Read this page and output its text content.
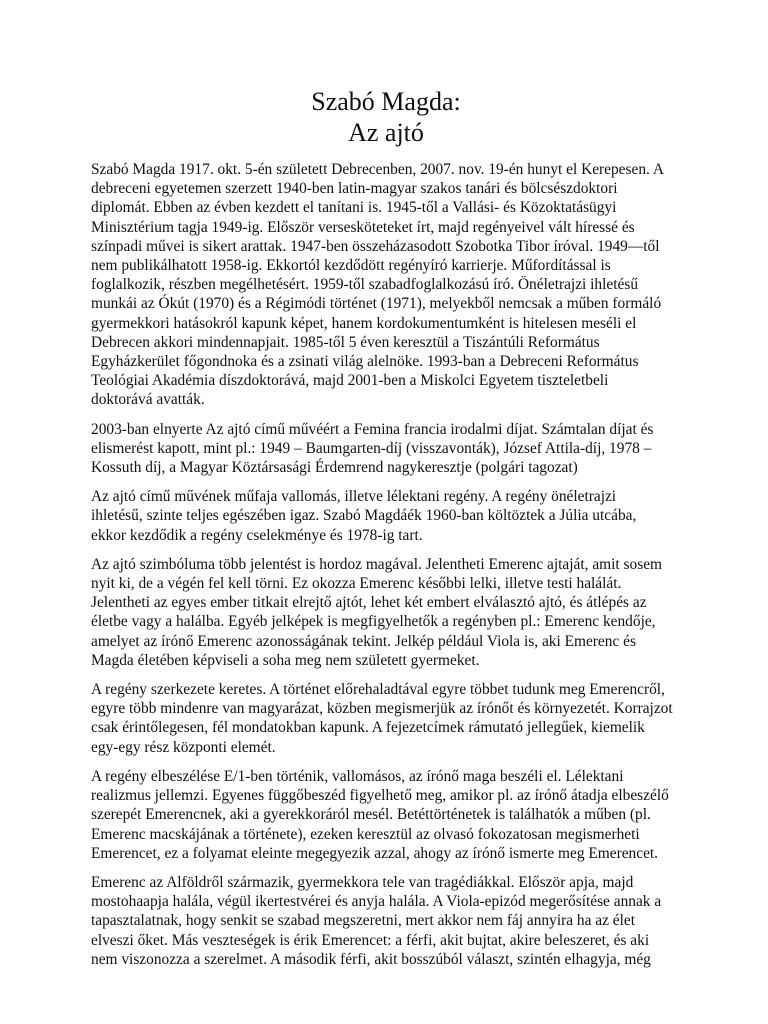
Szabó Magda:
Az ajtó

Szabó Magda 1917. okt. 5-én született Debrecenben, 2007. nov. 19-én hunyt el Kerepesen. A
debreceni egyetemen szerzett 1940-ben latin-magyar szakos tanári és bölcsészdoktori
diplomát. Ebben az évben kezdett el tanítani is. 1945-től a Vallási- és Közoktatásügyi
Minisztérium tagja 1949-ig. Először versesköteteket írt, majd regényeivel vált híressé és
színpadi művei is sikert arattak. 1947-ben összeházasodott Szobotka Tibor íróval. 1949—től
nem publikálhatott 1958-ig. Ekkortól kezdődött regényíró karrierje. Műfordítással is
foglalkozik, részben megélhetésért. 1959-től szabadfoglalkozású író. Önéletrajzi ihletésű
munkái az Ókút (1970) és a Régimódi történet (1971), melyekből nemcsak a műben formáló
gyermekkori hatásokról kapunk képet, hanem kordokumentumként is hitelesen meséli el
Debrecen akkori mindennapjait. 1985-től 5 éven keresztül a Tiszántúli Református
Egyházkerület főgondnoka és a zsinati világ alelnöke. 1993-ban a Debreceni Református
Teológiai Akadémia díszdoktorává, majd 2001-ben a Miskolci Egyetem tiszteletbeli
doktorává avatták.

2003-ban elnyerte Az ajtó című művéért a Femina francia irodalmi díjat. Számtalan díjat és
elismerést kapott, mint pl.: 1949 – Baumgarten-díj (visszavonták), József Attila-díj, 1978 –
Kossuth díj, a Magyar Köztársasági Érdemrend nagykeresztje (polgári tagozat)

Az ajtó című művének műfaja vallomás, illetve lélektani regény. A regény önéletrajzi
ihletésű, szinte teljes egészében igaz. Szabó Magdáék 1960-ban költöztek a Júlia utcába,
ekkor kezdődik a regény cselekménye és 1978-ig tart.

Az ajtó szimbóluma több jelentést is hordoz magával. Jelentheti Emerenc ajtaját, amit sosem
nyit ki, de a végén fel kell törni. Ez okozza Emerenc későbbi lelki, illetve testi halálát.
Jelentheti az egyes ember titkait elrejtő ajtót, lehet két embert elválasztó ajtó, és átlépés az
életbe vagy a halálba. Egyéb jelképek is megfigyelhetők a regényben pl.: Emerenc kendője,
amelyet az írónő Emerenc azonosságának tekint. Jelkép például Viola is, aki Emerenc és
Magda életében képviseli a soha meg nem született gyermeket.

A regény szerkezete keretes. A történet előrehaladtával egyre többet tudunk meg Emerencről,
egyre több mindenre van magyarázat, közben megismerjük az írónőt és környezetét. Korrajzot
csak érintőlegesen, fél mondatokban kapunk. A fejezetcímek rámutató jellegűek, kiemelik
egy-egy rész központi elemét.

A regény elbeszélése E/1-ben történik, vallomásos, az írónő maga beszéli el. Lélektani
realizmus jellemzi. Egyenes függőbeszéd figyelhető meg, amikor pl. az írónő átadja elbeszélő
szerepét Emerencnek, aki a gyerekkoráról mesél. Betéttörténetek is találhatók a műben (pl.
Emerenc macskájának a története), ezeken keresztül az olvasó fokozatosan megismerheti
Emerencet, ez a folyamat eleinte megegyezik azzal, ahogy az írónő ismerte meg Emerencet.

Emerenc az Alföldről származik, gyermekkora tele van tragédiákkal. Először apja, majd
mostohaapja halála, végül ikertestvérei és anyja halála. A Viola-epizód megerősítése annak a
tapasztalatnak, hogy senkit se szabad megszeretni, mert akkor nem fáj annyira ha az élet
elveszi őket. Más veszteségek is érik Emerencet: a férfi, akit bujtat, akire beleszeret, és aki
nem viszonozza a szerelmet. A második férfi, akit bosszúból választ, szintén elhagyja, még
